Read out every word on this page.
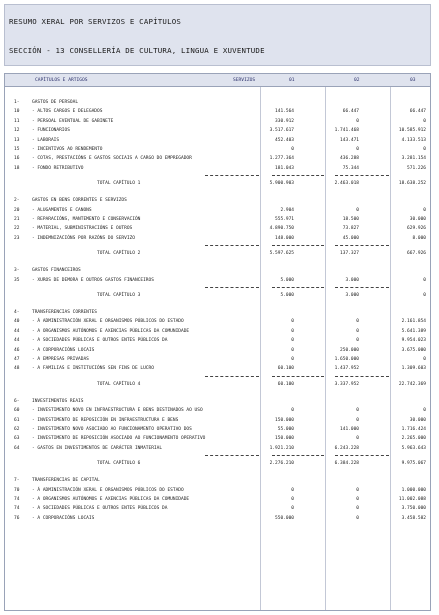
RESUMO XERAL POR SERVIZOS E CAPÍTULOS
SECCIÓN - 13 CONSELLERÍA DE CULTURA, LINGUA E XUVENTUDE
CAPÍTULOS E ARTIGOS	SERVIZOS	01	02	03
1-	GASTOS DE PERSOAL
10	- ALTOS CARGOS E DELEGADOS	141.564	66.447	66.447
11	- PERSOAL EVENTUAL DE GABINETE	330.912	0	0
12	- FUNCIONARIOS	3.517.617	1.741.468	10.585.912
13	- LABORAIS	452.403	143.471	4.133.513
15	- INCENTIVOS AO RENDEMENTO	0	0	0
16	- COTAS, PRESTACIÓNS E GASTOS SOCIAIS A CARGO DO EMPREGADOR	1.277.364	436.288	3.281.154
18	- FONDO RETRIBUTIVO	181.043	75.344	571.226
TOTAL CAPÍTULO 1	5.900.903	2.463.018	18.638.252
2-	GASTOS EN BENS CORRENTES E SERVIZOS
20	- ALUGAMENTOS E CANONS	2.904	0	0
21	- REPARACIÓNS, MANTEMENTO E CONSERVACIÓN	555.971	18.500	30.000
22	- MATERIAL, SUBMINISTRACIÓNS E OUTROS	4.890.750	73.827	629.926
23	- INDEMNIZACIÓNS POR RAZÓNS DO SERVIZO	148.000	45.000	8.000
TOTAL CAPÍTULO 2	5.597.625	137.327	667.926
3-	GASTOS FINANCEIROS
35	- XUROS DE DEMORA E OUTROS GASTOS FINANCEIROS	5.000	3.000	0
TOTAL CAPÍTULO 3	5.000	3.000	0
4-	TRANSFERENCIAS CORRENTES
40	- Á ADMINISTRACIÓN XERAL E ORGANISMOS PÚBLICOS DO ESTADO	0	0	2.161.854
44	- A ORGANISMOS AUTÓNOMOS E AXENCIAS PÚBLICAS DA COMUNIDADE	0	0	5.641.389
44	- A SOCIEDADES PÚBLICAS E OUTROS ENTES PÚBLICOS DA	0	0	9.954.023
46	- A CORPORACIÓNS LOCAIS	0	250.000	3.675.000
47	- A EMPRESAS PRIVADAS	0	1.650.000	0
48	- A FAMILIAS E INSTITUCIÓNS SEN FINS DE LUCRO	60.100	1.437.952	1.309.603
TOTAL CAPÍTULO 4	60.100	3.337.952	22.742.369
6-	INVESTIMENTOS REAIS
60	- INVESTIMENTO NOVO EN INFRAESTRUCTURA E BENS DESTINADOS AO USO	0	0	0
61	- INVESTIMENTO DE REPOSICIÓN EN INFRAESTRUCTURA E BENS	150.000	0	30.000
62	- INVESTIMENTO NOVO ASOCIADO AO FUNCIONAMENTO OPERATIVO DOS	55.000	141.000	1.716.424
63	- INVESTIMENTO DE REPOSICIÓN ASOCIADO AO FUNCIONAMENTO OPERATIVO	150.000	0	2.265.000
64	- GASTOS EN INVESTIMENTOS DE CARÁCTER INMATERIAL	1.921.210	6.243.228	5.963.643
TOTAL CAPÍTULO 6	2.276.210	6.384.228	9.975.067
7-	TRANSFERENCIAS DE CAPITAL
70	- Á ADMINISTRACIÓN XERAL E ORGANISMOS PÚBLICOS DO ESTADO	0	0	1.000.000
74	- A ORGANISMOS AUTÓNOMOS E AXENCIAS PÚBLICAS DA COMUNIDADE	0	0	11.002.088
74	- A SOCIEDADES PÚBLICAS E OUTROS ENTES PÚBLICOS DA	0	0	3.750.000
76	- A CORPORACIÓNS LOCAIS	550.000	0	3.458.582
